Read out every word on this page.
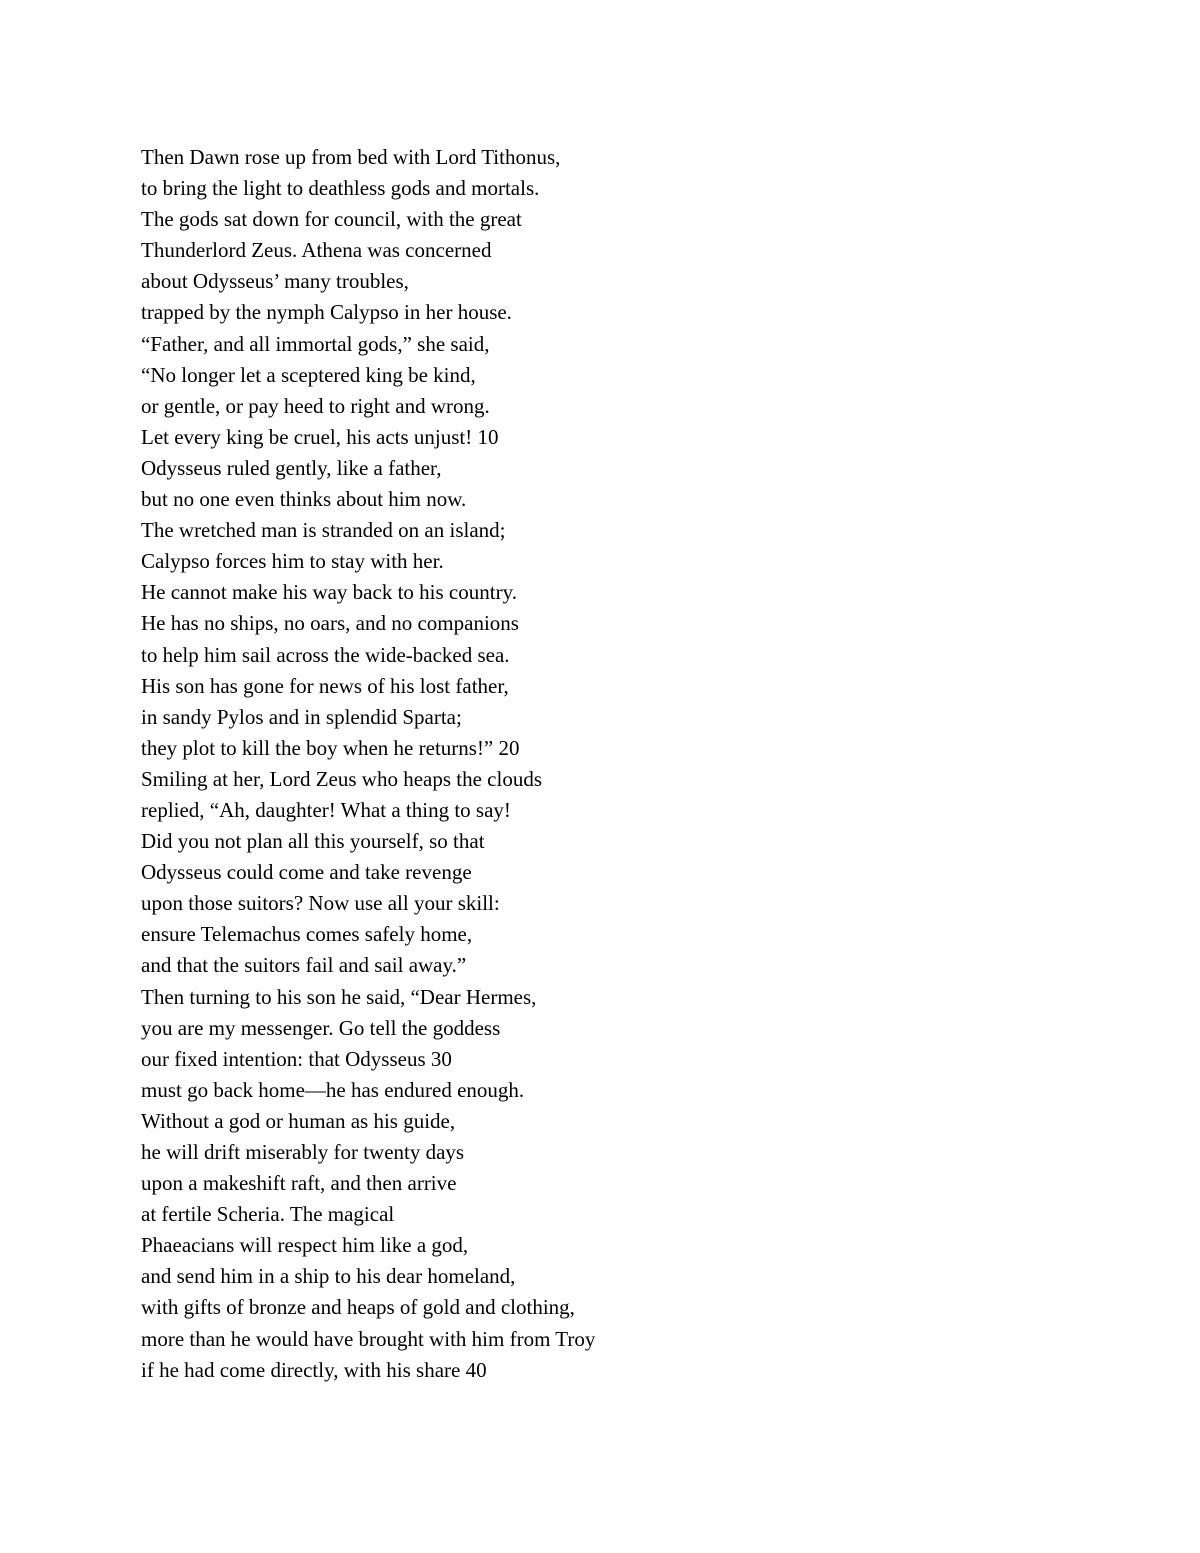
Then Dawn rose up from bed with Lord Tithonus,
to bring the light to deathless gods and mortals.
The gods sat down for council, with the great
Thunderlord Zeus. Athena was concerned
about Odysseus’ many troubles,
trapped by the nymph Calypso in her house.
“Father, and all immortal gods,” she said,
“No longer let a sceptered king be kind,
or gentle, or pay heed to right and wrong.
Let every king be cruel, his acts unjust! 10
Odysseus ruled gently, like a father,
but no one even thinks about him now.
The wretched man is stranded on an island;
Calypso forces him to stay with her.
He cannot make his way back to his country.
He has no ships, no oars, and no companions
to help him sail across the wide-backed sea.
His son has gone for news of his lost father,
in sandy Pylos and in splendid Sparta;
they plot to kill the boy when he returns!” 20
Smiling at her, Lord Zeus who heaps the clouds
replied, “Ah, daughter! What a thing to say!
Did you not plan all this yourself, so that
Odysseus could come and take revenge
upon those suitors? Now use all your skill:
ensure Telemachus comes safely home,
and that the suitors fail and sail away.”
Then turning to his son he said, “Dear Hermes,
you are my messenger. Go tell the goddess
our fixed intention: that Odysseus 30
must go back home—he has endured enough.
Without a god or human as his guide,
he will drift miserably for twenty days
upon a makeshift raft, and then arrive
at fertile Scheria. The magical
Phaeacians will respect him like a god,
and send him in a ship to his dear homeland,
with gifts of bronze and heaps of gold and clothing,
more than he would have brought with him from Troy
if he had come directly, with his share 40
